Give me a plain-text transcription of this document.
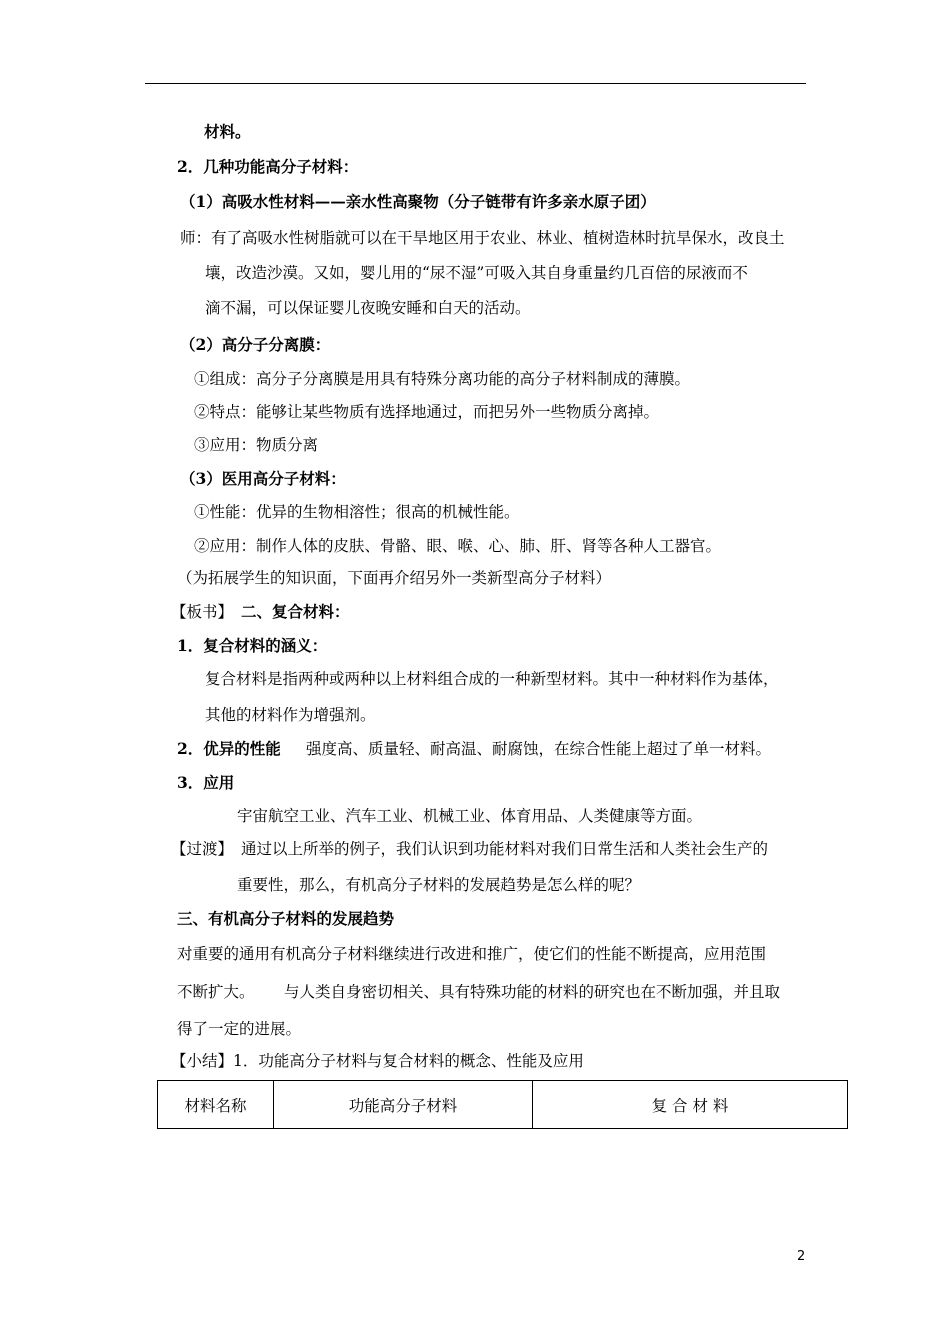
材料。
2．几种功能高分子材料：
（1）高吸水性材料——亲水性高聚物（分子链带有许多亲水原子团）
师：有了高吸水性树脂就可以在干旱地区用于农业、林业、植树造林时抗旱保水，改良土
壤，改造沙漠。又如，婴儿用的“尿不湿”可吸入其自身重量约几百倍的尿液而不
滴不漏，可以保证婴儿夜晚安睡和白天的活动。
（2）高分子分离膜：
①组成：高分子分离膜是用具有特殊分离功能的高分子材料制成的薄膜。
②特点：能够让某些物质有选择地通过，而把另外一些物质分离掉。
③应用：物质分离
（3）医用高分子材料：
①性能：优异的生物相溶性；很高的机械性能。
②应用：制作人体的皮肤、骨骼、眼、喉、心、肺、肝、肾等各种人工器官。
（为拓展学生的知识面，下面再介绍另外一类新型高分子材料）
【板书】 二、复合材料：
1．复合材料的涵义：
复合材料是指两种或两种以上材料组合成的一种新型材料。其中一种材料作为基体，
其他的材料作为增强剂。
2．优异的性能 强度高、质量轻、耐高温、耐腐蚀，在综合性能上超过了单一材料。
3．应用
宇宙航空工业、汽车工业、机械工业、体育用品、人类健康等方面。
【过渡】 通过以上所举的例子，我们认识到功能材料对我们日常生活和人类社会生产的
重要性，那么，有机高分子材料的发展趋势是怎么样的呢？
三、有机高分子材料的发展趋势
对重要的通用有机高分子材料继续进行改进和推广，使它们的性能不断提高，应用范围
不断扩大。 与人类自身密切相关、具有特殊功能的材料的研究也在不断加强，并且取
得了一定的进展。
【小结】1．功能高分子材料与复合材料的概念、性能及应用
材料名称	功能高分子材料	复 合 材 料
2
